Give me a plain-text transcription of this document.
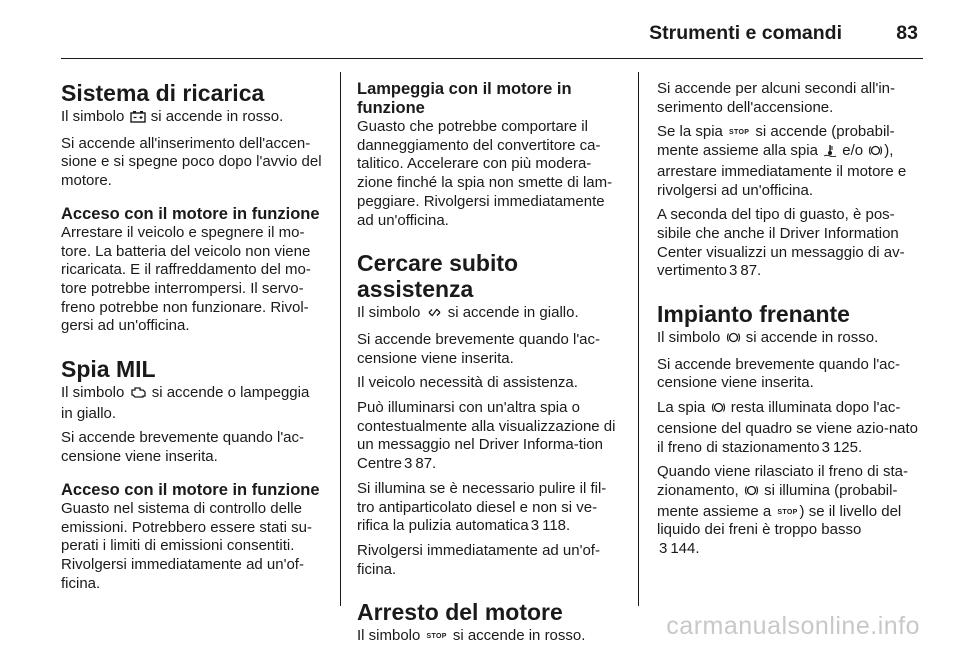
Strumenti e comandi	83
Sistema di ricarica

Il simbolo si accende in rosso.

Si accende all'inserimento dell'accen-sione e si spegne poco dopo l'avvio del motore.

Acceso con il motore in funzione

Arrestare il veicolo e spegnere il mo-tore. La batteria del veicolo non viene ricaricata. E il raffreddamento del mo-tore potrebbe interrompersi. Il servo-freno potrebbe non funzionare. Rivol-gersi ad un'officina.

Spia MIL

Il simbolo si accende o lampeggia in giallo.

Si accende brevemente quando l'ac-censione viene inserita.

Acceso con il motore in funzione

Guasto nel sistema di controllo delle emissioni. Potrebbero essere stati su-perati i limiti di emissioni consentiti. Rivolgersi immediatamente ad un'of-ficina.

Lampeggia con il motore in funzione

Guasto che potrebbe comportare il danneggiamento del convertitore ca-talitico. Accelerare con più modera-zione finché la spia non smette di lam-peggiare. Rivolgersi immediatamente ad un'officina.

Cercare subito assistenza

Il simbolo si accende in giallo.

Si accende brevemente quando l'ac-censione viene inserita.

Il veicolo necessità di assistenza.

Può illuminarsi con un'altra spia o contestualmente alla visualizzazione di un messaggio nel Driver Informa-tion Centre 3 87.

Si illumina se è necessario pulire il fil-tro antiparticolato diesel e non si ve-rifica la pulizia automatica 3 118.

Rivolgersi immediatamente ad un'of-ficina.

Arresto del motore

Il simbolo STOP si accende in rosso.

Si accende per alcuni secondi all'in-serimento dell'accensione.

Se la spia STOP si accende (probabil-mente assieme alla spia e/o ), arrestare immediatamente il motore e rivolgersi ad un'officina.

A seconda del tipo di guasto, è pos-sibile che anche il Driver Information Center visualizzi un messaggio di av-vertimento 3 87.

Impianto frenante

Il simbolo si accende in rosso.

Si accende brevemente quando l'ac-censione viene inserita.

La spia resta illuminata dopo l'ac-censione del quadro se viene azio-nato il freno di stazionamento 3 125.

Quando viene rilasciato il freno di sta-zionamento, si illumina (probabil-mente assieme a STOP ) se il livello del liquido dei freni è troppo basso
3 144.

carmanualsonline.info
